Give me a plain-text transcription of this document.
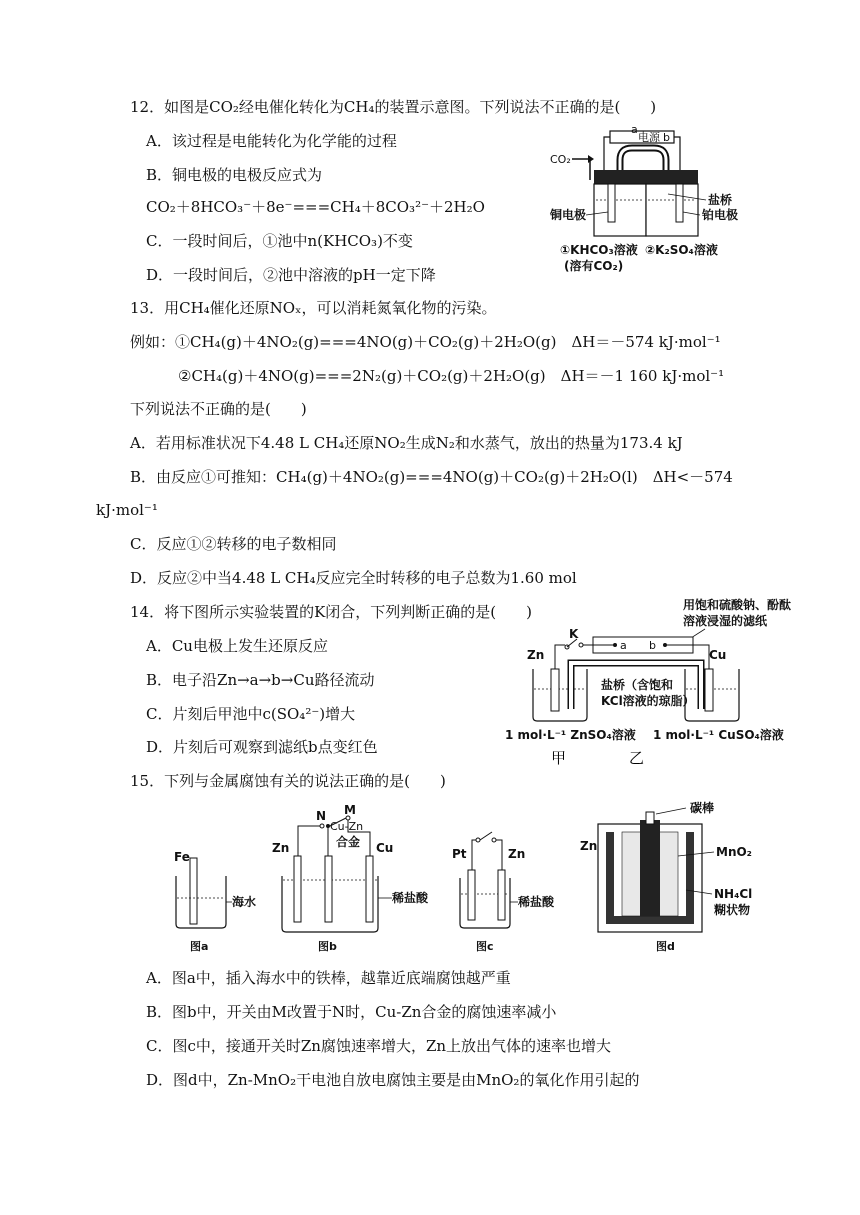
12．如图是CO₂经电催化转化为CH₄的装置示意图。下列说法不正确的是(　　)
A．该过程是电能转化为化学能的过程
B．铜电极的电极反应式为
CO₂＋8HCO₃⁻＋8e⁻===CH₄＋8CO₃²⁻＋2H₂O
C．一段时间后，①池中n(KHCO₃)不变
D．一段时间后，②池中溶液的pH一定下降
a
电源 b
CO₂
盐桥
铜电极	铂电极
①KHCO₃溶液 ②K₂SO₄溶液
(溶有CO₂)
13．用CH₄催化还原NOₓ，可以消耗氮氧化物的污染。
例如：①CH₄(g)＋4NO₂(g)===4NO(g)＋CO₂(g)＋2H₂O(g)　ΔH＝－574 kJ·mol⁻¹
②CH₄(g)＋4NO(g)===2N₂(g)＋CO₂(g)＋2H₂O(g)　ΔH＝－1 160 kJ·mol⁻¹
下列说法不正确的是(　　)
A．若用标准状况下4.48 L CH₄还原NO₂生成N₂和水蒸气，放出的热量为173.4 kJ
B．由反应①可推知：CH₄(g)＋4NO₂(g)===4NO(g)＋CO₂(g)＋2H₂O(l)　ΔH<－574
kJ·mol⁻¹
C．反应①②转移的电子数相同
D．反应②中当4.48 L CH₄反应完全时转移的电子总数为1.60 mol
14．将下图所示实验装置的K闭合，下列判断正确的是(　　)
A．Cu电极上发生还原反应
B．电子沿Zn→a→b→Cu路径流动
C．片刻后甲池中c(SO₄²⁻)增大
D．片刻后可观察到滤纸b点变红色
用饱和硫酸钠、酚酞
溶液浸湿的滤纸
a b
K
Zn	Cu
盐桥（含饱和
KCl溶液的琼脂）
1 mol·L⁻¹ ZnSO₄溶液 1 mol·L⁻¹ CuSO₄溶液
甲	乙
15．下列与金属腐蚀有关的说法正确的是(　　)
Fe
海水
图a
Zn
N M
Cu-Zn
合金 Cu
稀盐酸
图b
Pt	Zn
稀盐酸
图c
Zn
碳棒
MnO₂
NH₄Cl
糊状物
图d
A．图a中，插入海水中的铁棒，越靠近底端腐蚀越严重
B．图b中，开关由M改置于N时，Cu-Zn合金的腐蚀速率减小
C．图c中，接通开关时Zn腐蚀速率增大，Zn上放出气体的速率也增大
D．图d中，Zn-MnO₂干电池自放电腐蚀主要是由MnO₂的氧化作用引起的
